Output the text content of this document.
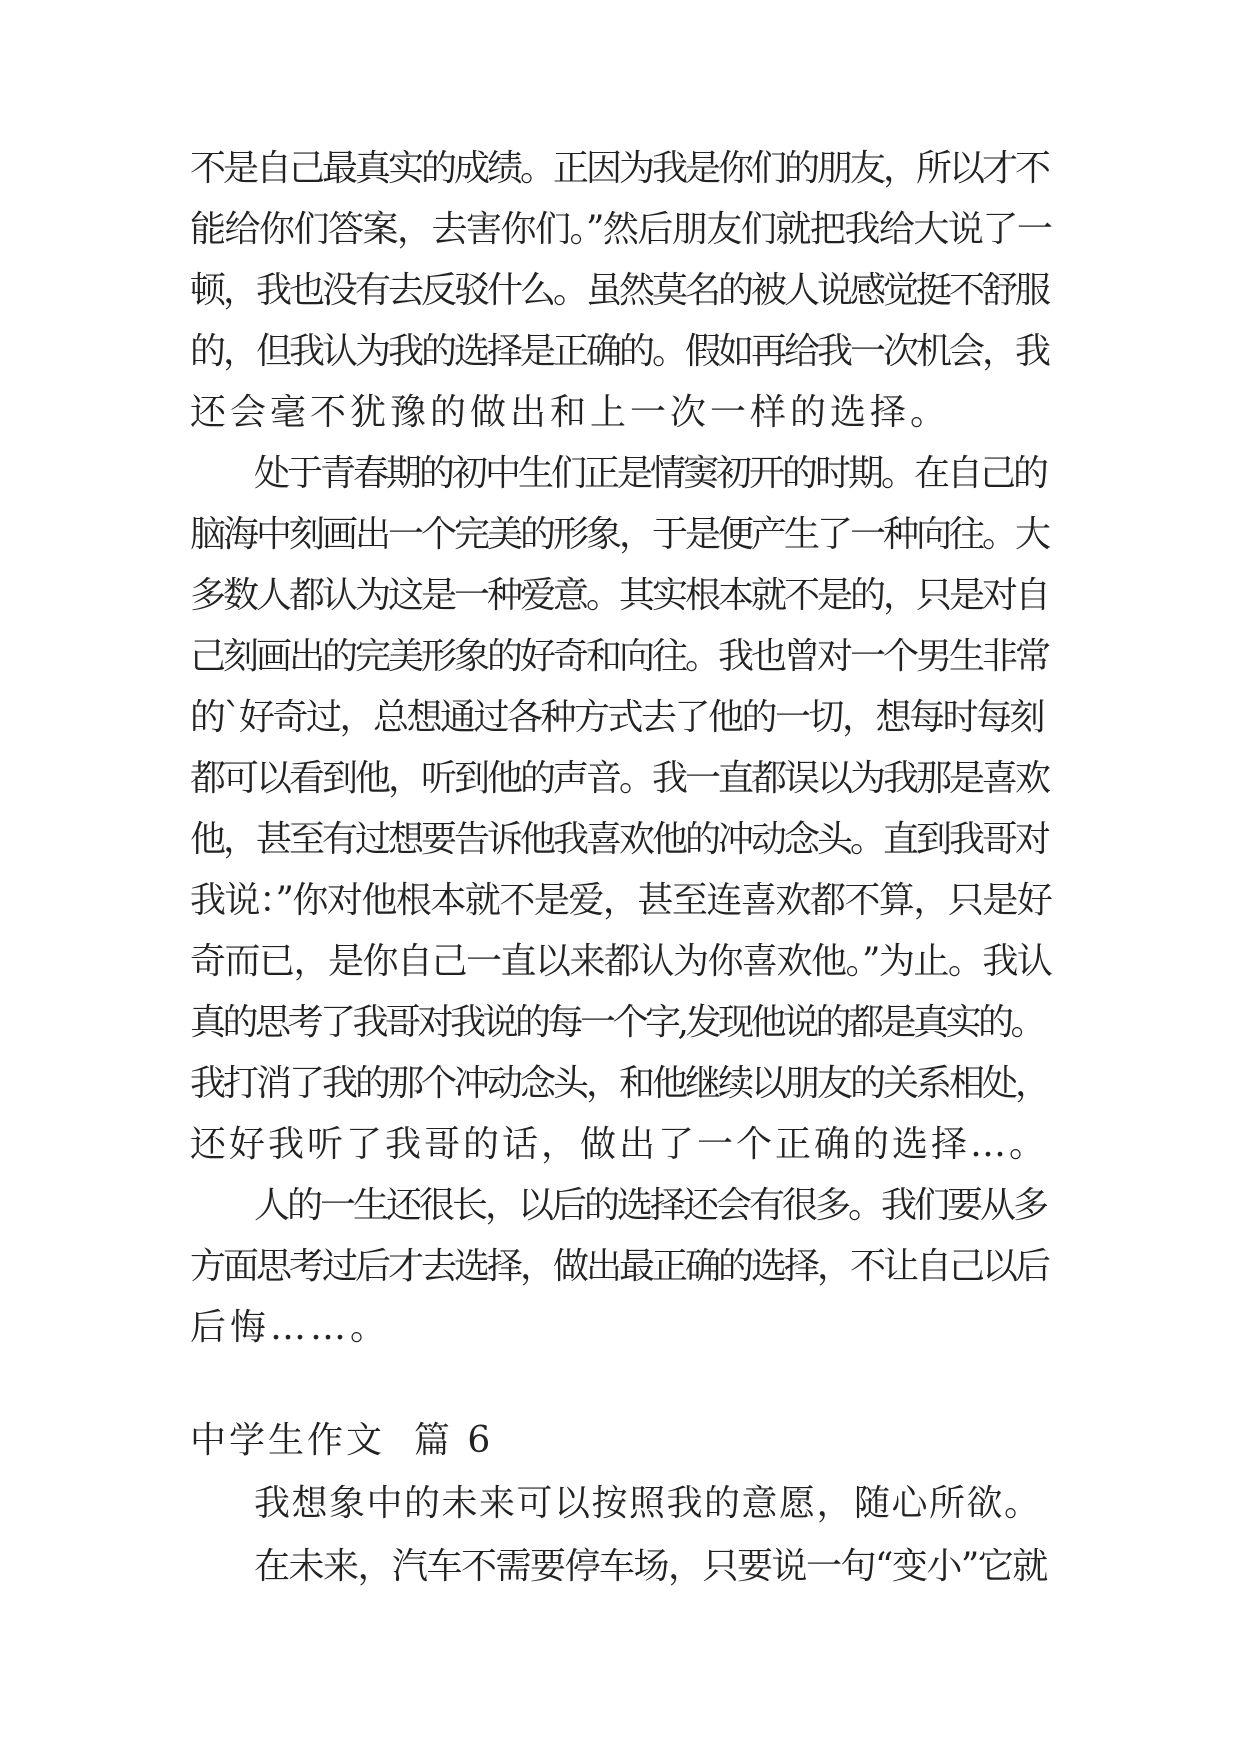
不是自己最真实的成绩。正因为我是你们的朋友，所以才不
能给你们答案，去害你们。”然后朋友们就把我给大说了一
顿，我也没有去反驳什么。虽然莫名的被人说感觉挺不舒服
的，但我认为我的选择是正确的。假如再给我一次机会，我
还会毫不犹豫的做出和上一次一样的选择。
处于青春期的初中生们正是情窦初开的时期。在自己的
脑海中刻画出一个完美的形象，于是便产生了一种向往。大
多数人都认为这是一种爱意。其实根本就不是的，只是对自
己刻画出的完美形象的好奇和向往。我也曾对一个男生非常
的`好奇过，总想通过各种方式去了他的一切，想每时每刻
都可以看到他，听到他的声音。我一直都误以为我那是喜欢
他，甚至有过想要告诉他我喜欢他的冲动念头。直到我哥对
我说：”你对他根本就不是爱，甚至连喜欢都不算，只是好
奇而已，是你自己一直以来都认为你喜欢他。”为止。我认
真的思考了我哥对我说的每一个字,发现他说的都是真实的。
我打消了我的那个冲动念头，和他继续以朋友的关系相处，
还好我听了我哥的话，做出了一个正确的选择…。
人的一生还很长，以后的选择还会有很多。我们要从多
方面思考过后才去选择，做出最正确的选择，不让自己以后
后悔……。
中学生作文  篇 6
我想象中的未来可以按照我的意愿，随心所欲。
在未来，汽车不需要停车场，只要说一句“变小”它就
